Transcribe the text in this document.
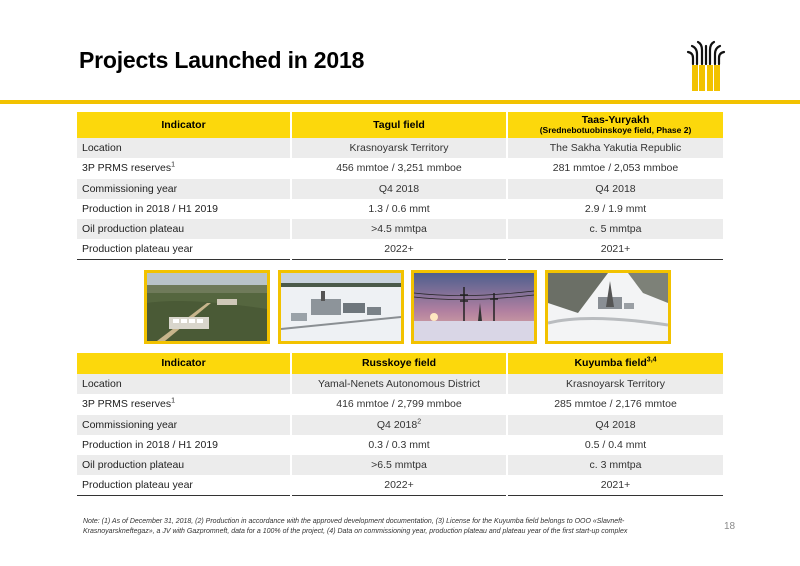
Projects Launched in 2018
Indicator	Tagul field	Taas-Yuryakh
(Srednebotuobinskoye field, Phase 2)

Location	Krasnoyarsk Territory	The Sakha Yakutia Republic
3P PRMS reserves$^1$	456 mmtoe / 3,251 mmboe	281 mmtoe / 2,053 mmboe
Commissioning year	Q4 2018	Q4 2018
Production in 2018 / H1 2019	1.3 / 0.6 mmt	2.9 / 1.9 mmt
Oil production plateau	>4.5 mmtpa	c. 5 mmtpa
Production plateau year	2022+	2021+
Indicator	Russkoye field	Kuyumba field$^{3,4}$
Location	Yamal-Nenets Autonomous District	Krasnoyarsk Territory
3P PRMS reserves$^1$	416 mmtoe / 2,799 mmboe	285 mmtoe / 2,176 mmtoe
Commissioning year	Q4 2018$^2$	Q4 2018
Production in 2018 / H1 2019	0.3 / 0.3 mmt	0.5 / 0.4 mmt
Oil production plateau	>6.5 mmtpa	c. 3 mmtpa
Production plateau year	2022+	2021+
Note: (1) As of December 31, 2018, (2) Production in accordance with the approved development documentation, (3) License for the Kuyumba field belongs to OOO «Slavneft-Krasnoyarskneftegaz», a JV with Gazpromneft, data for a 100% of the project, (4) Data on commissioning year, production plateau and plateau year of the first start-up complex	18
